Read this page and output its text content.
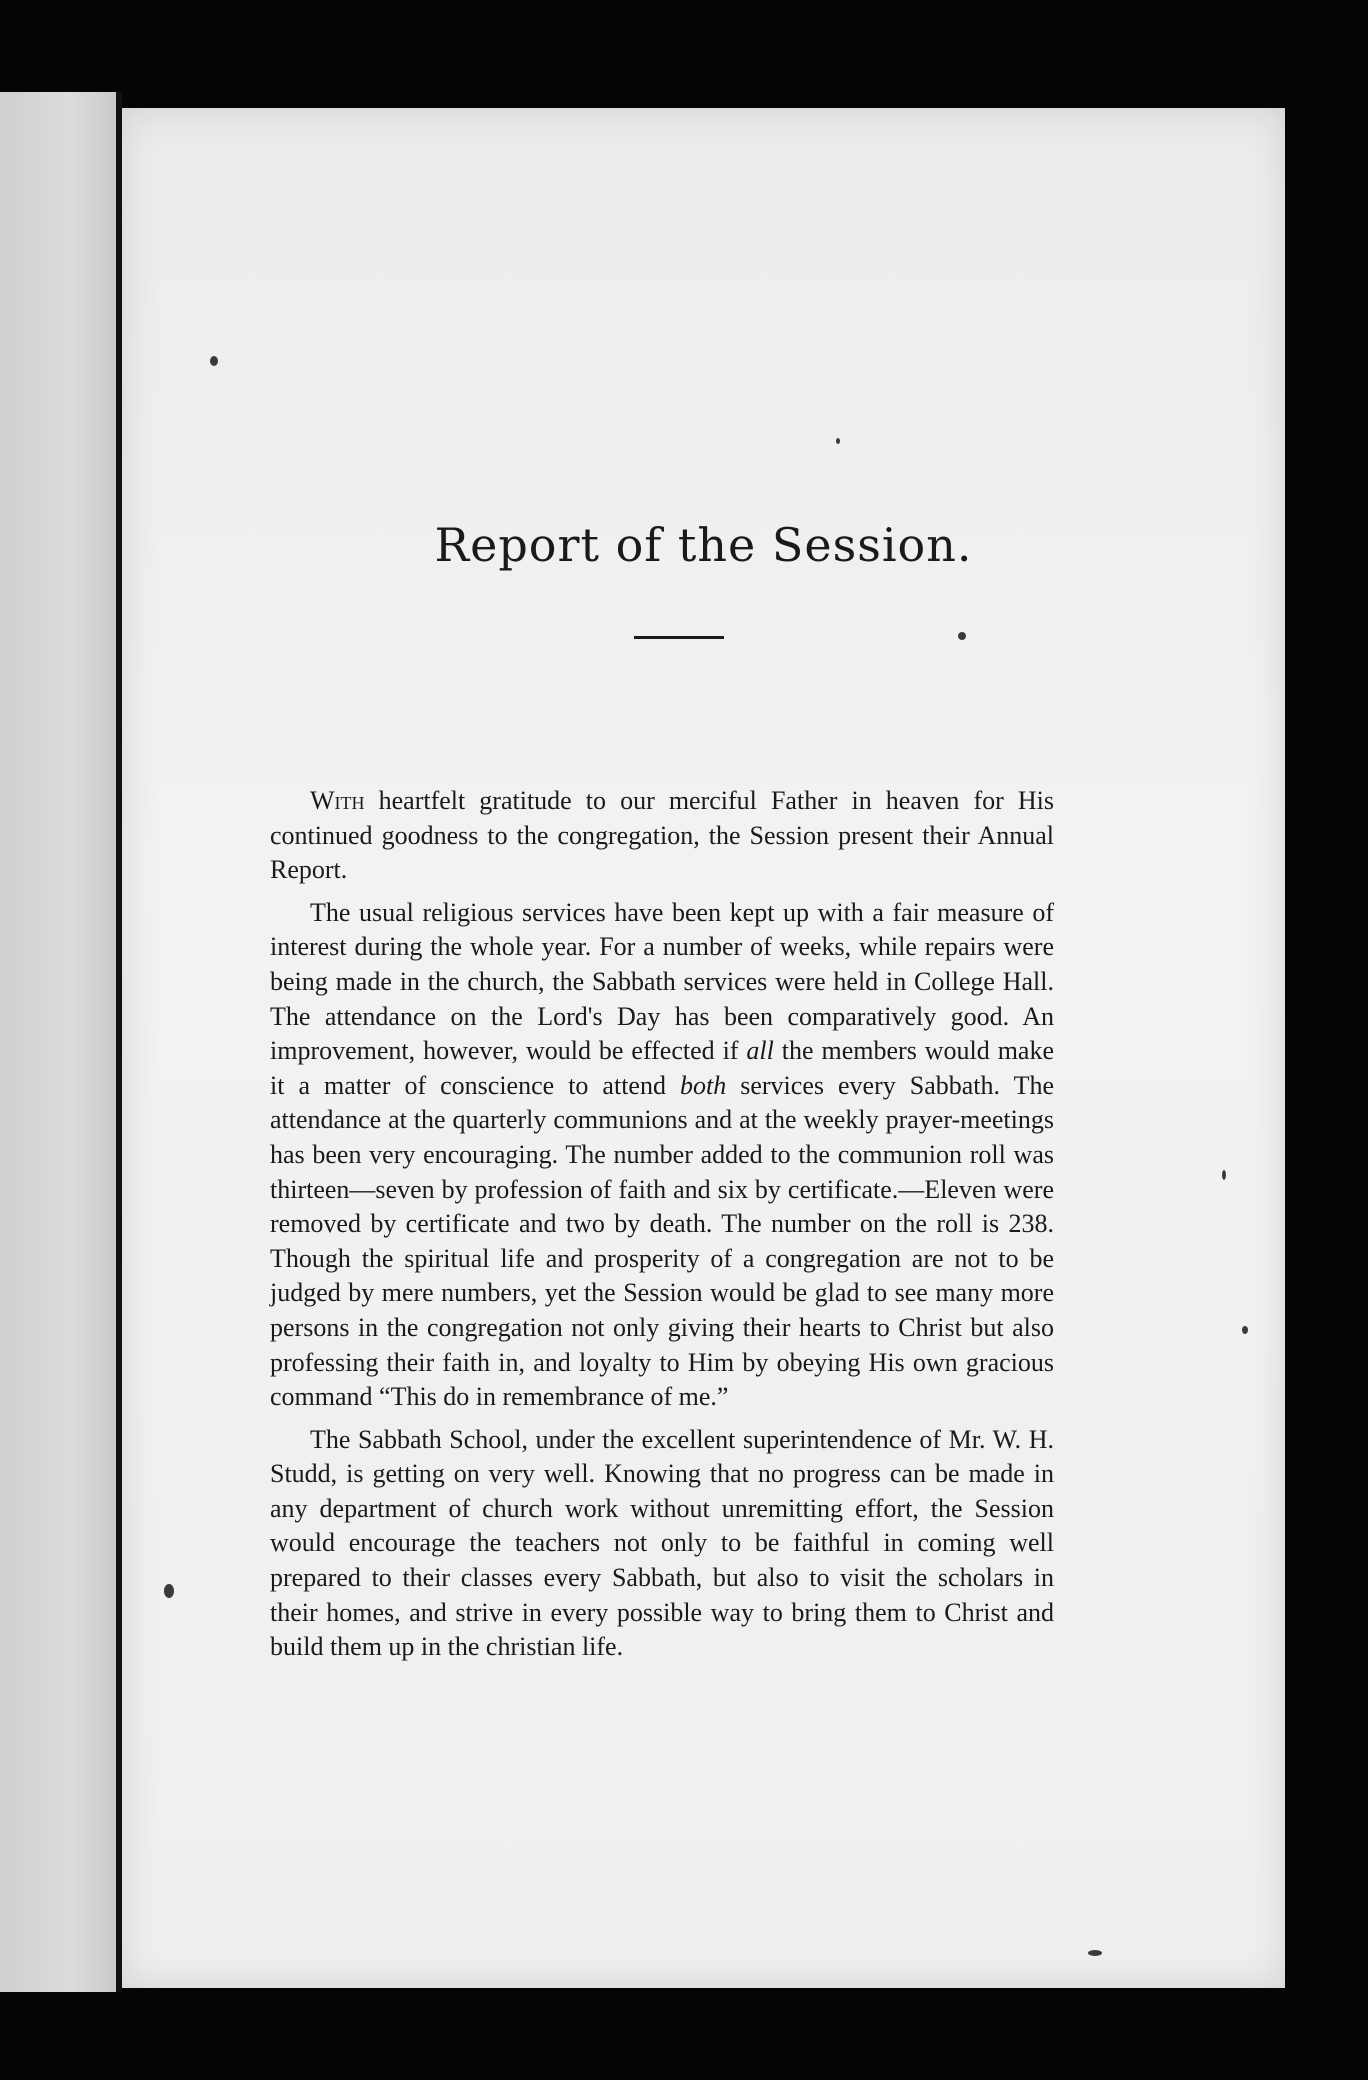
Report of the Session.

With heartfelt gratitude to our merciful Father in heaven for His continued goodness to the congregation, the Session present their Annual Report.

The usual religious services have been kept up with a fair measure of interest during the whole year. For a number of weeks, while repairs were being made in the church, the Sabbath services were held in College Hall. The attendance on the Lord's Day has been comparatively good. An improvement, however, would be effected if all the members would make it a matter of conscience to attend both services every Sabbath. The attendance at the quarterly communions and at the weekly prayer-meetings has been very encouraging. The number added to the communion roll was thirteen—seven by profession of faith and six by certificate.—Eleven were removed by certificate and two by death. The number on the roll is 238. Though the spiritual life and prosperity of a congregation are not to be judged by mere numbers, yet the Session would be glad to see many more persons in the congregation not only giving their hearts to Christ but also professing their faith in, and loyalty to Him by obeying His own gracious command “This do in remembrance of me.”

The Sabbath School, under the excellent superintendence of Mr. W. H. Studd, is getting on very well. Knowing that no progress can be made in any department of church work without unremitting effort, the Session would encourage the teachers not only to be faithful in coming well prepared to their classes every Sabbath, but also to visit the scholars in their homes, and strive in every possible way to bring them to Christ and build them up in the christian life.
